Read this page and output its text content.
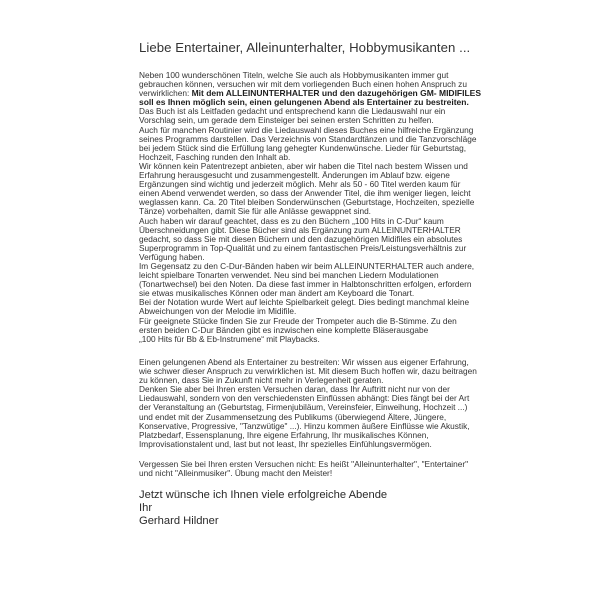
Liebe Entertainer, Alleinunterhalter, Hobbymusikanten ...
Neben 100 wunderschönen Titeln, welche Sie auch als Hobbymusikanten immer gut
gebrauchen können, versuchen wir mit dem vorliegenden Buch einen hohen Anspruch zu
verwirklichen: Mit dem ALLEINUNTERHALTER und den dazugehörigen GM- MIDIFILES
soll es Ihnen möglich sein, einen gelungenen Abend als Entertainer zu bestreiten.
Das Buch ist als Leitfaden gedacht und entsprechend kann die Liedauswahl nur ein
Vorschlag sein, um gerade dem Einsteiger bei seinen ersten Schritten zu helfen.
Auch für manchen Routinier wird die Liedauswahl dieses Buches eine hilfreiche Ergänzung
seines Programms darstellen. Das Verzeichnis von Standardtänzen und die Tanzvorschläge
bei jedem Stück sind die Erfüllung lang gehegter Kundenwünsche. Lieder für Geburtstag,
Hochzeit, Fasching runden den Inhalt ab.
Wir können kein Patentrezept anbieten, aber wir haben die Titel nach bestem Wissen und
Erfahrung herausgesucht und zusammengestellt. Änderungen im Ablauf bzw. eigene
Ergänzungen sind wichtig und jederzeit möglich. Mehr als 50 - 60 Titel werden kaum für
einen Abend verwendet werden, so dass der Anwender Titel, die ihm weniger liegen, leicht
weglassen kann. Ca. 20 Titel bleiben Sonderwünschen (Geburtstage, Hochzeiten, spezielle
Tänze) vorbehalten, damit Sie für alle Anlässe gewappnet sind.
Auch haben wir darauf geachtet, dass es zu den Büchern „100 Hits in C-Dur“ kaum
Überschneidungen gibt. Diese Bücher sind als Ergänzung zum ALLEINUNTERHALTER
gedacht, so dass Sie mit diesen Büchern und den dazugehörigen Midifiles ein absolutes
Superprogramm in Top-Qualität und zu einem fantastischen Preis/Leistungsverhältnis zur
Verfügung haben.
Im Gegensatz zu den C-Dur-Bänden haben wir beim ALLEINUNTERHALTER auch andere,
leicht spielbare Tonarten verwendet. Neu sind bei manchen Liedern Modulationen
(Tonartwechsel) bei den Noten. Da diese fast immer in Halbtonschritten erfolgen, erfordern
sie etwas musikalisches Können oder man ändert am Keyboard die Tonart.
Bei der Notation wurde Wert auf leichte Spielbarkeit gelegt. Dies bedingt manchmal kleine
Abweichungen von der Melodie im Midifile.
Für geeignete Stücke finden Sie zur Freude der Trompeter auch die B-Stimme. Zu den
ersten beiden C-Dur Bänden gibt es inzwischen eine komplette Bläserausgabe
„100 Hits für Bb & Eb-Instrumene“ mit Playbacks.
Einen gelungenen Abend als Entertainer zu bestreiten: Wir wissen aus eigener Erfahrung,
wie schwer dieser Anspruch zu verwirklichen ist. Mit diesem Buch hoffen wir, dazu beitragen
zu können, dass Sie in Zukunft nicht mehr in Verlegenheit geraten.
Denken Sie aber bei Ihren ersten Versuchen daran, dass Ihr Auftritt nicht nur von der
Liedauswahl, sondern von den verschiedensten Einflüssen abhängt: Dies fängt bei der Art
der Veranstaltung an (Geburtstag, Firmenjubiläum, Vereinsfeier, Einweihung, Hochzeit ...)
und endet mit der Zusammensetzung des Publikums (überwiegend Ältere, Jüngere,
Konservative, Progressive, "Tanzwütige" ...). Hinzu kommen äußere Einflüsse wie Akustik,
Platzbedarf, Essensplanung, Ihre eigene Erfahrung, Ihr musikalisches Können,
Improvisationstalent und, last but not least, Ihr spezielles Einfühlungsvermögen.
Vergessen Sie bei Ihren ersten Versuchen nicht: Es heißt "Alleinunterhalter", "Entertainer"
und nicht "Alleinmusiker". Übung macht den Meister!
Jetzt wünsche ich Ihnen viele erfolgreiche Abende
Ihr
Gerhard Hildner
